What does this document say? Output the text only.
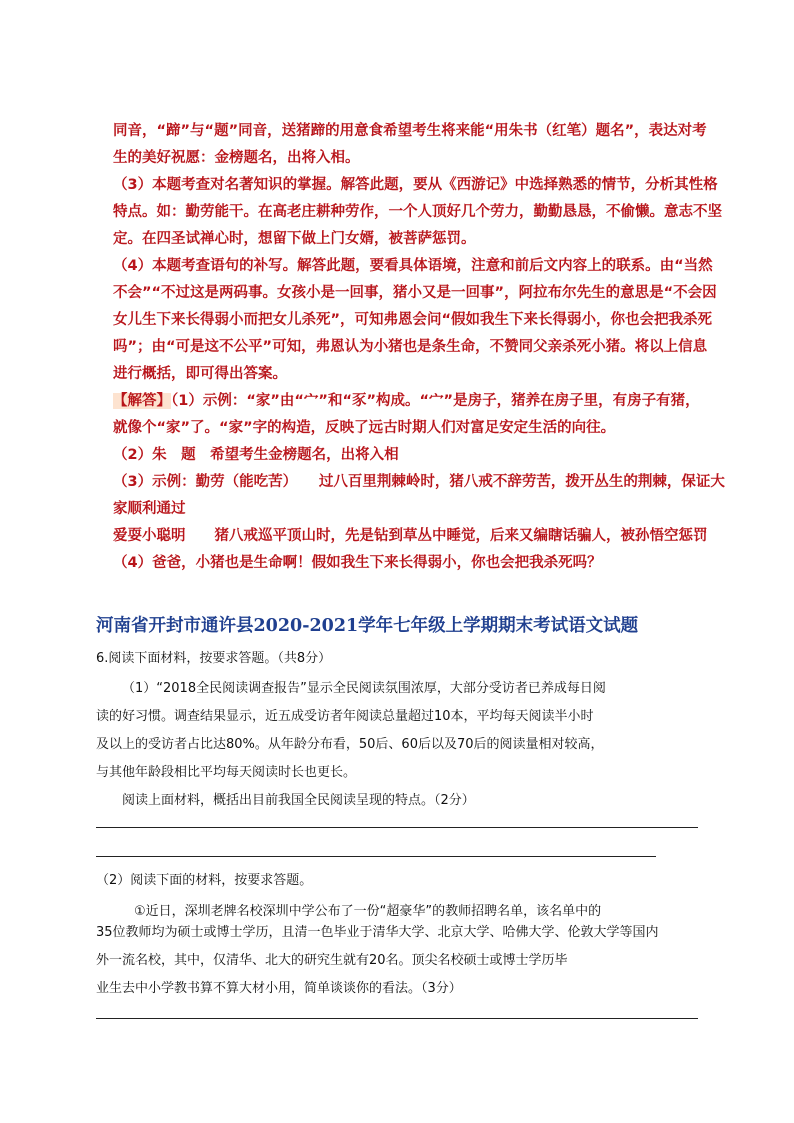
同音，“蹄”与“题”同音，送猪蹄的用意食希望考生将来能“用朱书（红笔）题名”，表达对考
生的美好祝愿：金榜题名，出将入相。
（3）本题考查对名著知识的掌握。解答此题，要从《西游记》中选择熟悉的情节，分析其性格
特点。如：勤劳能干。在高老庄耕种劳作，一个人顶好几个劳力，勤勤恳恳，不偷懒。意志不坚
定。在四圣试禅心时，想留下做上门女婿，被菩萨惩罚。
（4）本题考查语句的补写。解答此题，要看具体语境，注意和前后文内容上的联系。由“当然
不会”“不过这是两码事。女孩小是一回事，猪小又是一回事”，阿拉布尔先生的意思是“不会因
女儿生下来长得弱小而把女儿杀死”，可知弗恩会问“假如我生下来长得弱小，你也会把我杀死
吗”；由“可是这不公平”可知，弗恩认为小猪也是条生命，不赞同父亲杀死小猪。将以上信息
进行概括，即可得出答案。
【解答】（1）示例：“家”由“宀”和“豕”构成。“宀”是房子，猪养在房子里，有房子有猪，
就像个“家”了。“家”字的构造，反映了远古时期人们对富足安定生活的向往。
（2）朱　题　希望考生金榜题名，出将入相
（3）示例：勤劳（能吃苦）　　过八百里荆棘岭时，猪八戒不辞劳苦，拨开丛生的荆棘，保证大
家顺利通过
爱耍小聪明　　猪八戒巡平顶山时，先是钻到草丛中睡觉，后来又编瞎话骗人，被孙悟空惩罚
（4）爸爸，小猪也是生命啊！假如我生下来长得弱小，你也会把我杀死吗？
河南省开封市通许县2020-2021学年七年级上学期期末考试语文试题
6.阅读下面材料，按要求答题。（共8分）
（1）“2018全民阅读调查报告”显示全民阅读氛围浓厚，大部分受访者已养成每日阅
读的好习惯。调查结果显示，近五成受访者年阅读总量超过10本，平均每天阅读半小时
及以上的受访者占比达80%。从年龄分布看，50后、60后以及70后的阅读量相对较高，
与其他年龄段相比平均每天阅读时长也更长。
阅读上面材料，概括出目前我国全民阅读呈现的特点。（2分）
（2）阅读下面的材料，按要求答题。
①近日，深圳老牌名校深圳中学公布了一份“超豪华”的教师招聘名单，该名单中的
35位教师均为硕士或博士学历，且清一色毕业于清华大学、北京大学、哈佛大学、伦敦大学等国内
外一流名校，其中，仅清华、北大的研究生就有20名。顶尖名校硕士或博士学历毕
业生去中小学教书算不算大材小用，简单谈谈你的看法。（3分）
